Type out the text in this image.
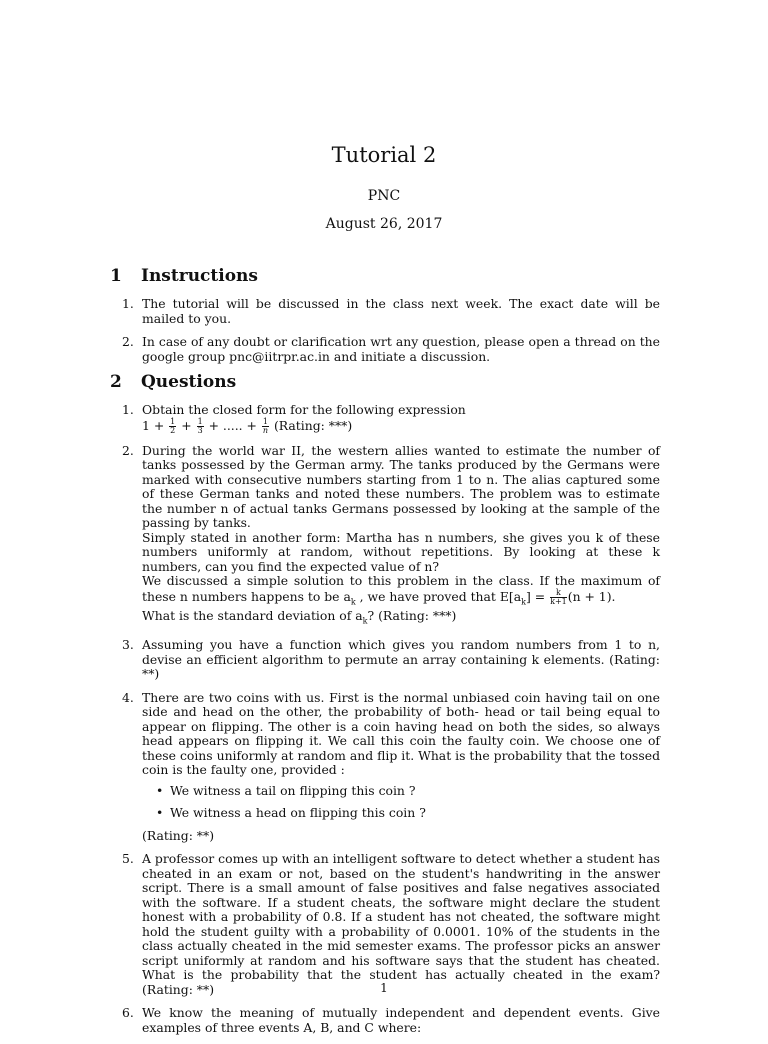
Tutorial 2
PNC
August 26, 2017
1 Instructions
1. The tutorial will be discussed in the class next week. The exact date will be mailed to you.
2. In case of any doubt or clarification wrt any question, please open a thread on the google group pnc@iitrpr.ac.in and initiate a discussion.
2 Questions
1. Obtain the closed form for the following expression
$1 + \frac{1}{2} + \frac{1}{3}$ + ..... + $\frac{1}{n}$ (Rating: ***)
2. During the world war II, the western allies wanted to estimate the number of tanks possessed by the German army. The tanks produced by the Germans were marked with consecutive numbers starting from 1 to n. The alias captured some of these German tanks and noted these numbers. The problem was to estimate the number n of actual tanks Germans possessed by looking at the sample of the passing by tanks.
Simply stated in another form: Martha has n numbers, she gives you k of these numbers uniformly at random, without repetitions. By looking at these k numbers, can you find the expected value of n?
We discussed a simple solution to this problem in the class. If the maximum of these n numbers happens to be $a_k$ , we have proved that $E[a_k] = \frac{k}{k+1} (n + 1)$.
What is the standard deviation of $a_k$? (Rating: ***)
3. Assuming you have a function which gives you random numbers from 1 to n, devise an efficient algorithm to permute an array containing k elements. (Rating: **)
4. There are two coins with us. First is the normal unbiased coin having tail on one side and head on the other, the probability of both- head or tail being equal to appear on flipping. The other is a coin having head on both the sides, so always head appears on flipping it. We call this coin the faulty coin. We choose one of these coins uniformly at random and flip it. What is the probability that the tossed coin is the faulty one, provided :
• We witness a tail on flipping this coin ?
• We witness a head on flipping this coin ?
(Rating: **)
5. A professor comes up with an intelligent software to detect whether a student has cheated in an exam or not, based on the student's handwriting in the answer script. There is a small amount of false positives and false negatives associated with the software. If a student cheats, the software might declare the student honest with a probability of 0.8. If a student has not cheated, the software might hold the student guilty with a probability of 0.0001. 10% of the students in the class actually cheated in the mid semester exams. The professor picks an answer script uniformly at random and his software says that the student has cheated. What is the probability that the student has actually cheated in the exam? (Rating: **)
6. We know the meaning of mutually independent and dependent events. Give examples of three events A, B, and C where:
1
